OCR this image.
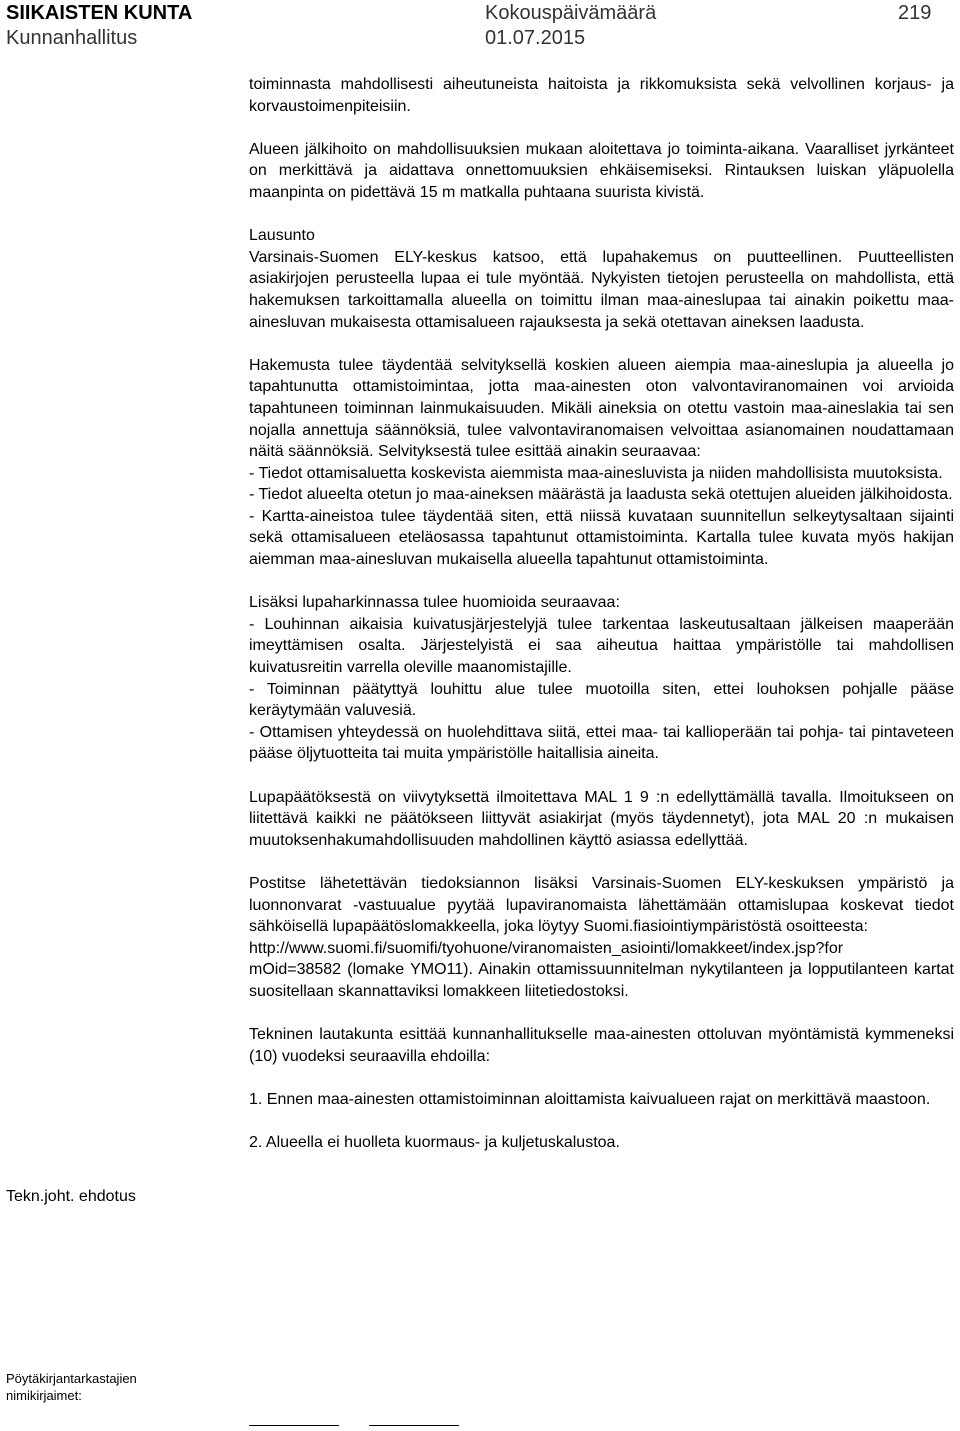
SIIKAISTEN KUNTA
Kunnanhallitus
Kokouspäivämäärä
01.07.2015
219

toiminnasta mahdollisesti aiheutuneista haitoista ja rikkomuksista sekä velvollinen korjaus- ja korvaustoimenpiteisiin.

Alueen jälkihoito on mahdollisuuksien mukaan aloitettava jo toiminta-aikana. Vaaralliset jyrkänteet on merkittävä ja aidattava onnettomuuksien ehkäisemiseksi. Rintauksen luiskan yläpuolella maanpinta on pidettävä 15 m matkalla puhtaana suurista kivistä.

Lausunto
Varsinais-Suomen ELY-keskus katsoo, että lupahakemus on puutteellinen. Puutteellisten asiakirjojen perusteella lupaa ei tule myöntää. Nykyisten tietojen perusteella on mahdollista, että hakemuksen tarkoittamalla alueella on toimittu ilman maa-aineslupaa tai ainakin poikettu maa-ainesluvan mukaisesta ottamisalueen rajauksesta ja sekä otettavan aineksen laadusta.

Hakemusta tulee täydentää selvityksellä koskien alueen aiempia maa-aineslupia ja alueella jo tapahtunutta ottamistoimintaa, jotta maa-ainesten oton valvontaviranomainen voi arvioida tapahtuneen toiminnan lainmukaisuuden. Mikäli aineksia on otettu vastoin maa-aineslakia tai sen nojalla annettuja säännöksiä, tulee valvontaviranomaisen velvoittaa asianomainen noudattamaan näitä säännöksiä. Selvityksestä tulee esittää ainakin seuraavaa:
- Tiedot ottamisaluetta koskevista aiemmista maa-ainesluvista ja niiden mahdollisista muutoksista.
- Tiedot alueelta otetun jo maa-aineksen määrästä ja laadusta sekä otettujen alueiden jälkihoidosta.
- Kartta-aineistoa tulee täydentää siten, että niissä kuvataan suunnitellun selkeytysaltaan sijainti sekä ottamisalueen eteläosassa tapahtunut ottamistoiminta. Kartalla tulee kuvata myös hakijan aiemman maa-ainesluvan mukaisella alueella tapahtunut ottamistoiminta.

Lisäksi lupaharkinnassa tulee huomioida seuraavaa:
- Louhinnan aikaisia kuivatusjärjestelyjä tulee tarkentaa laskeutusaltaan jälkeisen maaperään imeyttämisen osalta. Järjestelyistä ei saa aiheutua haittaa ympäristölle tai mahdollisen kuivatusreitin varrella oleville maanomistajille.
- Toiminnan päätyttyä louhittu alue tulee muotoilla siten, ettei louhoksen pohjalle pääse keräytymään valuvesiä.
- Ottamisen yhteydessä on huolehdittava siitä, ettei maa- tai kallioperään tai pohja- tai pintaveteen pääse öljytuotteita tai muita ympäristölle haitallisia aineita.

Lupapäätöksestä on viivytyksettä ilmoitettava MAL 1 9 :n edellyttämällä tavalla. Ilmoitukseen on liitettävä kaikki ne päätökseen liittyvät asiakirjat (myös täydennetyt), jota MAL 20 :n mukaisen muutoksenhakumahdollisuuden mahdollinen käyttö asiassa edellyttää.

Postitse lähetettävän tiedoksiannon lisäksi Varsinais-Suomen ELY-keskuksen ympäristö ja luonnonvarat -vastuualue pyytää lupaviranomaista lähettämään ottamislupaa koskevat tiedot sähköisellä lupapäätöslomakkeella, joka löytyy Suomi.fiasiointiympäristöstä osoitteesta:
http://www.suomi.fi/suomifi/tyohuone/viranomaisten_asiointi/lomakkeet/index.jsp?for
mOid=38582 (lomake YMO11). Ainakin ottamissuunnitelman nykytilanteen ja lopputilanteen kartat suositellaan skannattaviksi lomakkeen liitetiedostoksi.

Tekninen lautakunta esittää kunnanhallitukselle maa-ainesten ottoluvan myöntämistä kymmeneksi (10) vuodeksi seuraavilla ehdoilla:

1. Ennen maa-ainesten ottamistoiminnan aloittamista kaivualueen rajat on merkittävä maastoon.

2. Alueella ei huolleta kuormaus- ja kuljetuskalustoa.

Tekn.joht. ehdotus
Pöytäkirjantarkastajien
nimikirjaimet:
